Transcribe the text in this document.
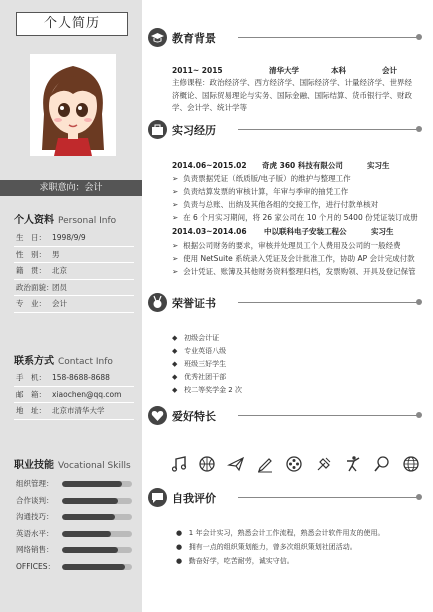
个人简历
求职意向：会计
个人资料 Personal Info
生　日： 1998/9/9
性　别： 男
籍　贯： 北京
政治面貌：
团员
专　业： 会计
联系方式 Contact Info
手　机： 158-8688-8688
邮　箱： xiaochen@qq.com
地　址： 北京市清华大学
职业技能 Vocational Skills
组织管理：
合作谈判：
沟通技巧：
英语水平：
网络销售：
OFFICES：
教育背景
2011~ 2015	清华大学	本科	会计
主修课程：政治经济学、西方经济学、国际经济学、计量经济学、世界经
济概论、国际贸易理论与实务、国际金融、国际结算、货币银行学、财政
学、会计学、统计学等
实习经历
2014.06~2015.02 奇虎 360 科技有限公司	实习生
➢ 负责票据凭证（纸质版/电子版）的维护与整理工作
➢ 负责结算发票的审核计算，年审与季审的抽凭工作
➢ 负责与总账、出纳及其他各组的交接工作，进行付款单核对
➢ 在 6 个月实习期间，将 26 家公司在 10 个月的 5400 份凭证装订成册
2014.03~2014.06 中以联科电子安装工程公	实习生
➢ 根据公司财务的要求，审核并处理员工个人费用及公司的一般经费
➢ 使用 NetSuite 系统录入凭证及会计批准工作，协助 AP 会计完成付款
➢ 会计凭证、账簿及其他财务资料整理归档，发票购领、开具及登记保管
荣誉证书
◆ 初级会计证
◆ 专业英语八级
◆ 班级三好学生
◆ 优秀社团干部
◆ 校二等奖学金 2 次
爱好特长
自我评价
● 1 年会计实习，熟悉会计工作流程，熟悉会计软件用友的使用。
● 拥有一点的组织策划能力，曾多次组织策划社团活动。
● 勤奋好学，吃苦耐劳，诚实守信。
